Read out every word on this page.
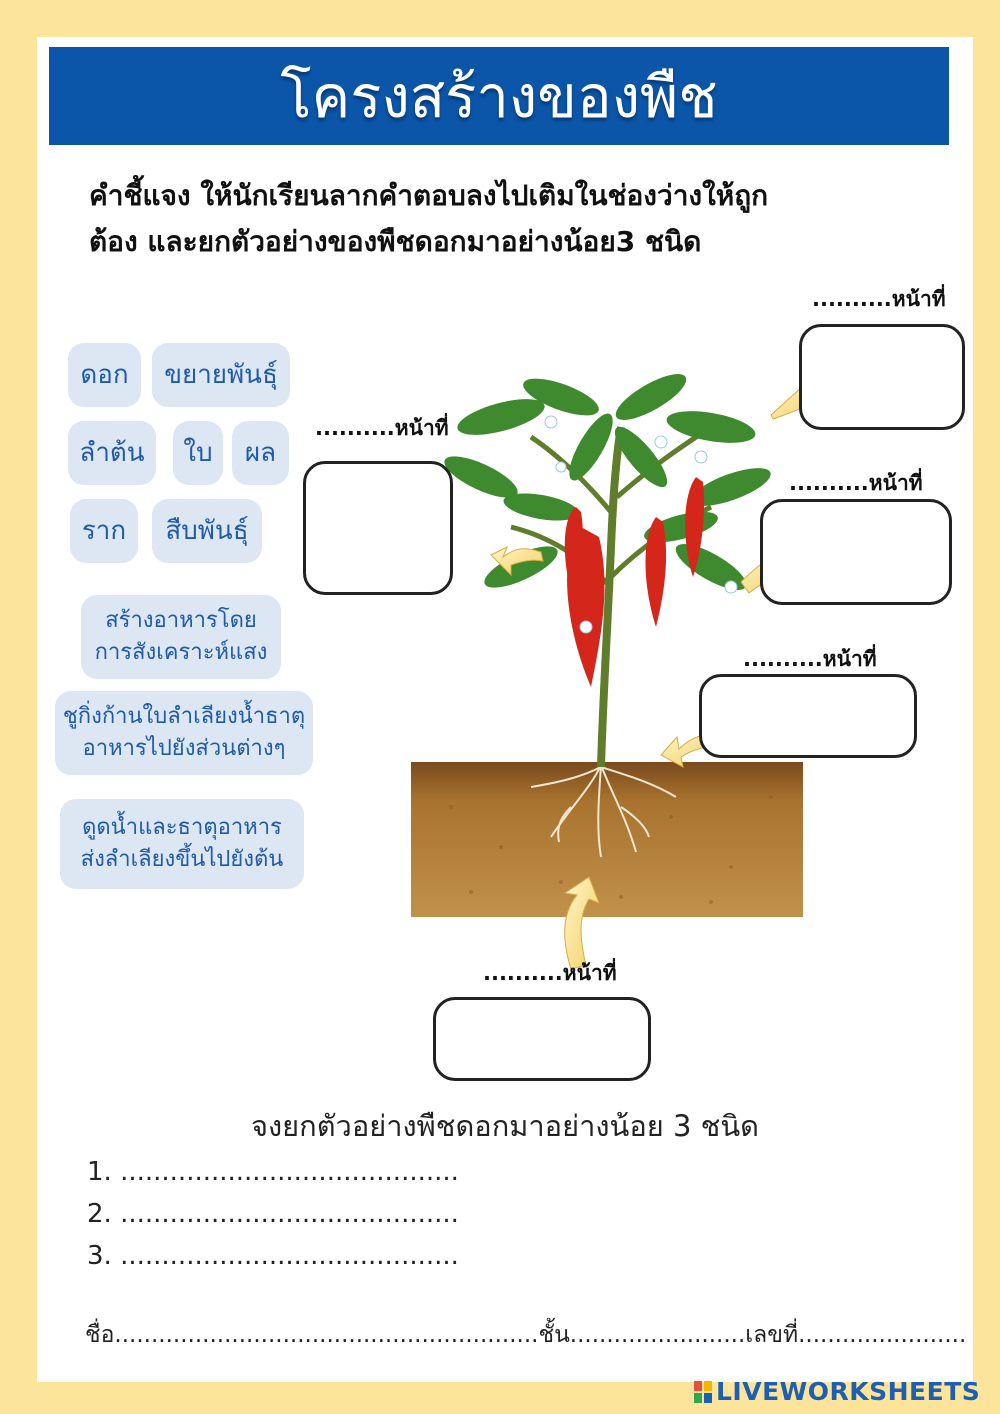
โครงสร้างของพืช
คำชี้แจง ให้นักเรียนลากคำตอบลงไปเติมในช่องว่างให้ถูก
ต้อง และยกตัวอย่างของพืชดอกมาอย่างน้อย3 ชนิด
ดอก	ขยายพันธุ์
ลำต้น	ใบ	ผล
ราก	สืบพันธุ์
สร้างอาหารโดย
การสังเคราะห์แสง
ชูกิ่งก้านใบลำเลียงน้ำธาตุ
อาหารไปยังส่วนต่างๆ
ดูดน้ำและธาตุอาหาร
ส่งลำเลียงขึ้นไปยังต้น
..........หน้าที่
..........หน้าที่
..........หน้าที่
..........หน้าที่
..........หน้าที่
จงยกตัวอย่างพืชดอกมาอย่างน้อย 3 ชนิด
1. .........................................
2. .........................................
3. .........................................
ชื่อ..........................................................ชั้น........................เลขที่.......................
LIVEWORKSHEETS
